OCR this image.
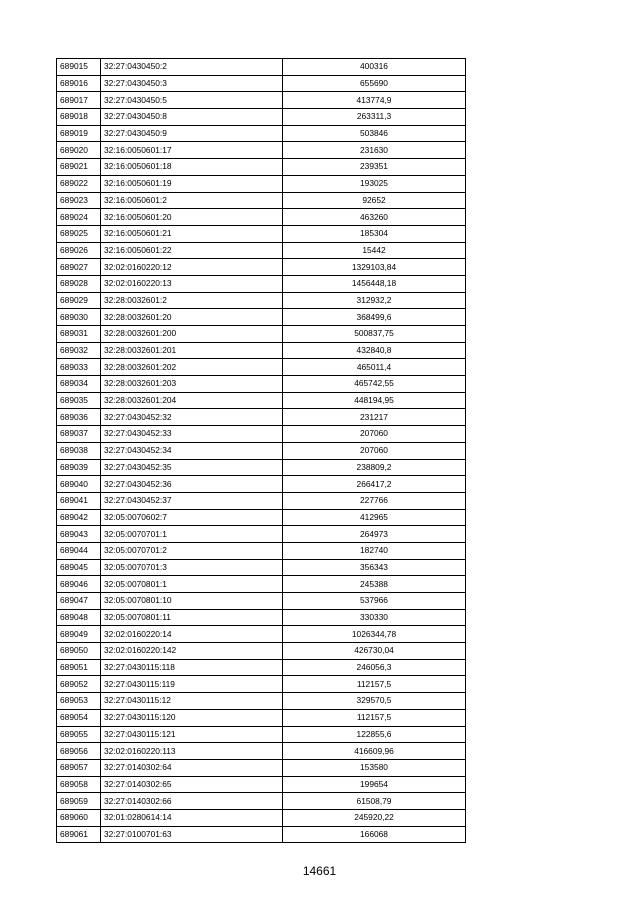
689015	32:27:0430450:2	400316
689016	32:27:0430450:3	655690
689017	32:27:0430450:5	413774,9
689018	32:27:0430450:8	263311,3
689019	32:27:0430450:9	503846
689020	32:16:0050601:17	231630
689021	32:16:0050601:18	239351
689022	32:16:0050601:19	193025
689023	32:16:0050601:2	92652
689024	32:16:0050601:20	463260
689025	32:16:0050601:21	185304
689026	32:16:0050601:22	15442
689027	32:02:0160220:12	1329103,84
689028	32:02:0160220:13	1456448,18
689029	32:28:0032601:2	312932,2
689030	32:28:0032601:20	368499,6
689031	32:28:0032601:200	500837,75
689032	32:28:0032601:201	432840,8
689033	32:28:0032601:202	465011,4
689034	32:28:0032601:203	465742,55
689035	32:28:0032601:204	448194,95
689036	32:27:0430452:32	231217
689037	32:27:0430452:33	207060
689038	32:27:0430452:34	207060
689039	32:27:0430452:35	238809,2
689040	32:27:0430452:36	266417,2
689041	32:27:0430452:37	227766
689042	32:05:0070602:7	412965
689043	32:05:0070701:1	264973
689044	32:05:0070701:2	182740
689045	32:05:0070701:3	356343
689046	32:05:0070801:1	245388
689047	32:05:0070801:10	537966
689048	32:05:0070801:11	330330
689049	32:02:0160220:14	1026344,78
689050	32:02:0160220:142	426730,04
689051	32:27:0430115:118	246056,3
689052	32:27:0430115:119	112157,5
689053	32:27:0430115:12	329570,5
689054	32:27:0430115:120	112157,5
689055	32:27:0430115:121	122855,6
689056	32:02:0160220:113	416609,96
689057	32:27:0140302:64	153580
689058	32:27:0140302:65	199654
689059	32:27:0140302:66	61508,79
689060	32:01:0280614:14	245920,22
689061	32:27:0100701:63	166068
14661
